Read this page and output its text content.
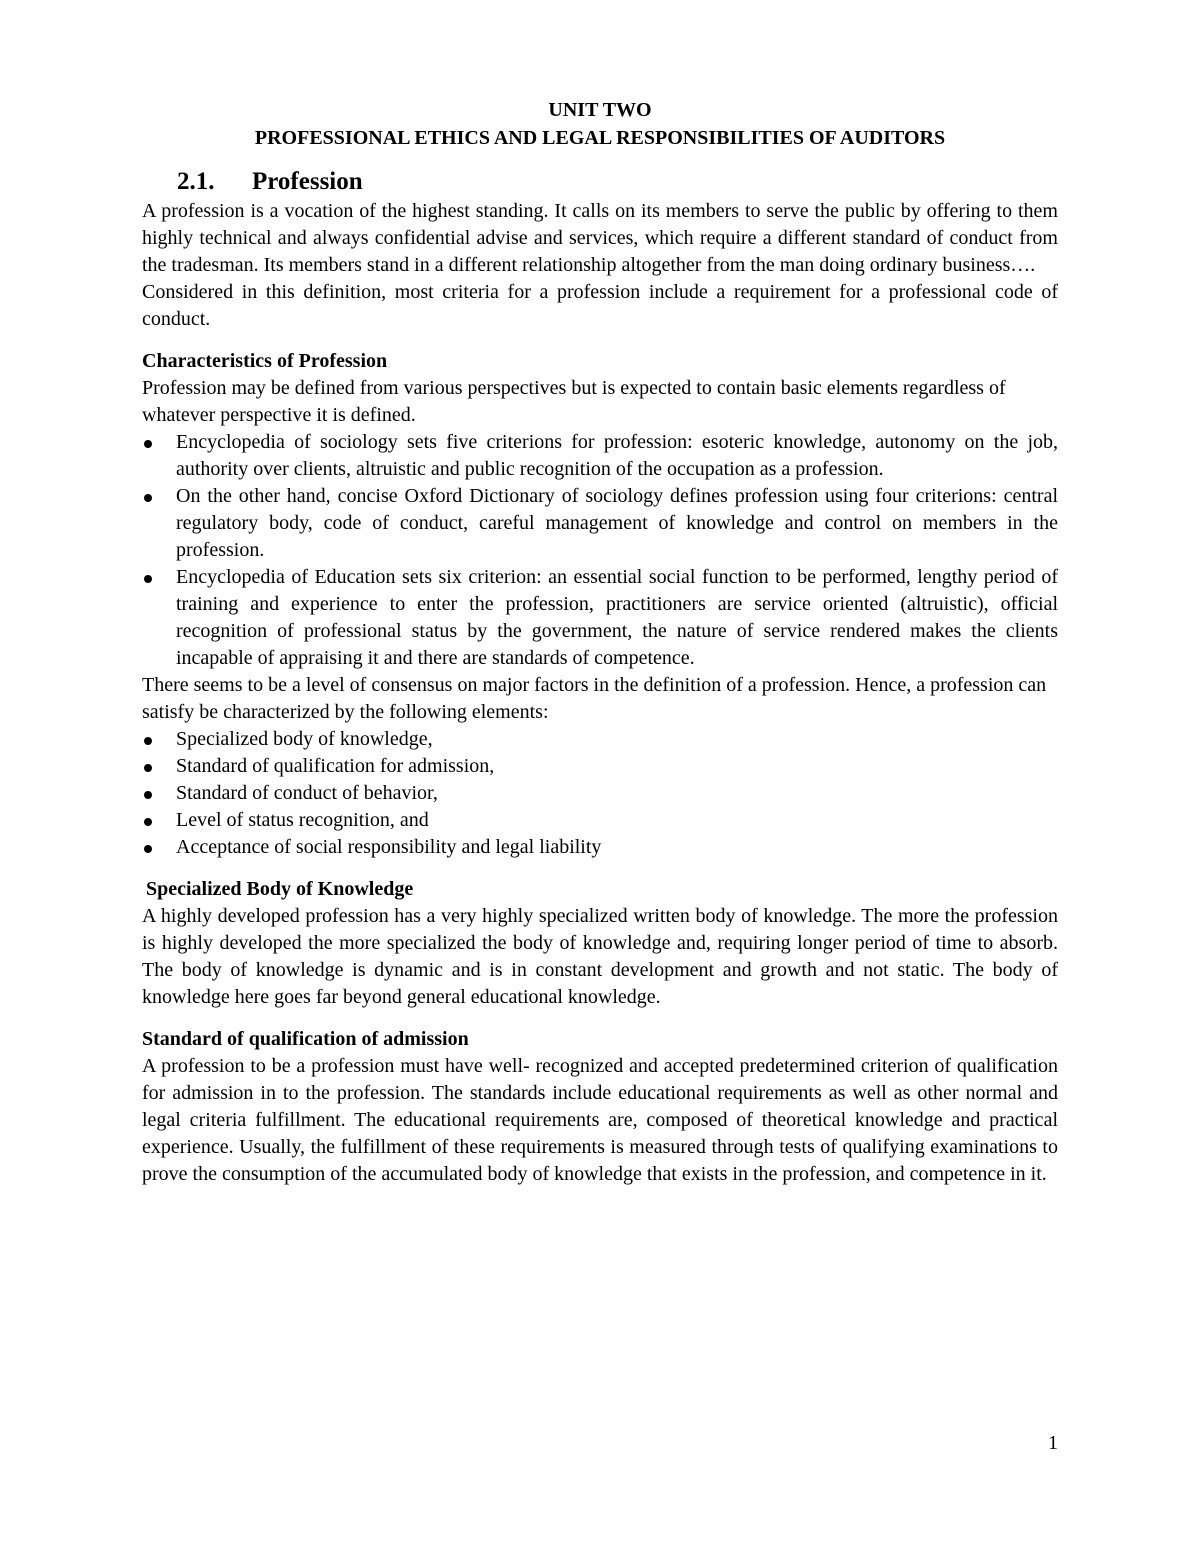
UNIT TWO

PROFESSIONAL ETHICS AND LEGAL RESPONSIBILITIES OF AUDITORS

2.1. Profession

A profession is a vocation of the highest standing. It calls on its members to serve the public by offering to them highly technical and always confidential advise and services, which require a different standard of conduct from the tradesman. Its members stand in a different relationship altogether from the man doing ordinary business….

Considered in this definition, most criteria for a profession include a requirement for a professional code of conduct.

Characteristics of Profession

Profession may be defined from various perspectives but is expected to contain basic elements regardless of whatever perspective it is defined.

Encyclopedia of sociology sets five criterions for profession: esoteric knowledge, autonomy on the job, authority over clients, altruistic and public recognition of the occupation as a profession.
On the other hand, concise Oxford Dictionary of sociology defines profession using four criterions: central regulatory body, code of conduct, careful management of knowledge and control on members in the profession.
Encyclopedia of Education sets six criterion: an essential social function to be performed, lengthy period of training and experience to enter the profession, practitioners are service oriented (altruistic), official recognition of professional status by the government, the nature of service rendered makes the clients incapable of appraising it and there are standards of competence.

There seems to be a level of consensus on major factors in the definition of a profession. Hence, a profession can satisfy be characterized by the following elements:

Specialized body of knowledge,
Standard of qualification for admission,
Standard of conduct of behavior,
Level of status recognition, and
Acceptance of social responsibility and legal liability

Specialized Body of Knowledge

A highly developed profession has a very highly specialized written body of knowledge. The more the profession is highly developed the more specialized the body of knowledge and, requiring longer period of time to absorb. The body of knowledge is dynamic and is in constant development and growth and not static. The body of knowledge here goes far beyond general educational knowledge.

Standard of qualification of admission

A profession to be a profession must have well- recognized and accepted predetermined criterion of qualification for admission in to the profession. The standards include educational requirements as well as other normal and legal criteria fulfillment. The educational requirements are, composed of theoretical knowledge and practical experience. Usually, the fulfillment of these requirements is measured through tests of qualifying examinations to prove the consumption of the accumulated body of knowledge that exists in the profession, and competence in it.

1
